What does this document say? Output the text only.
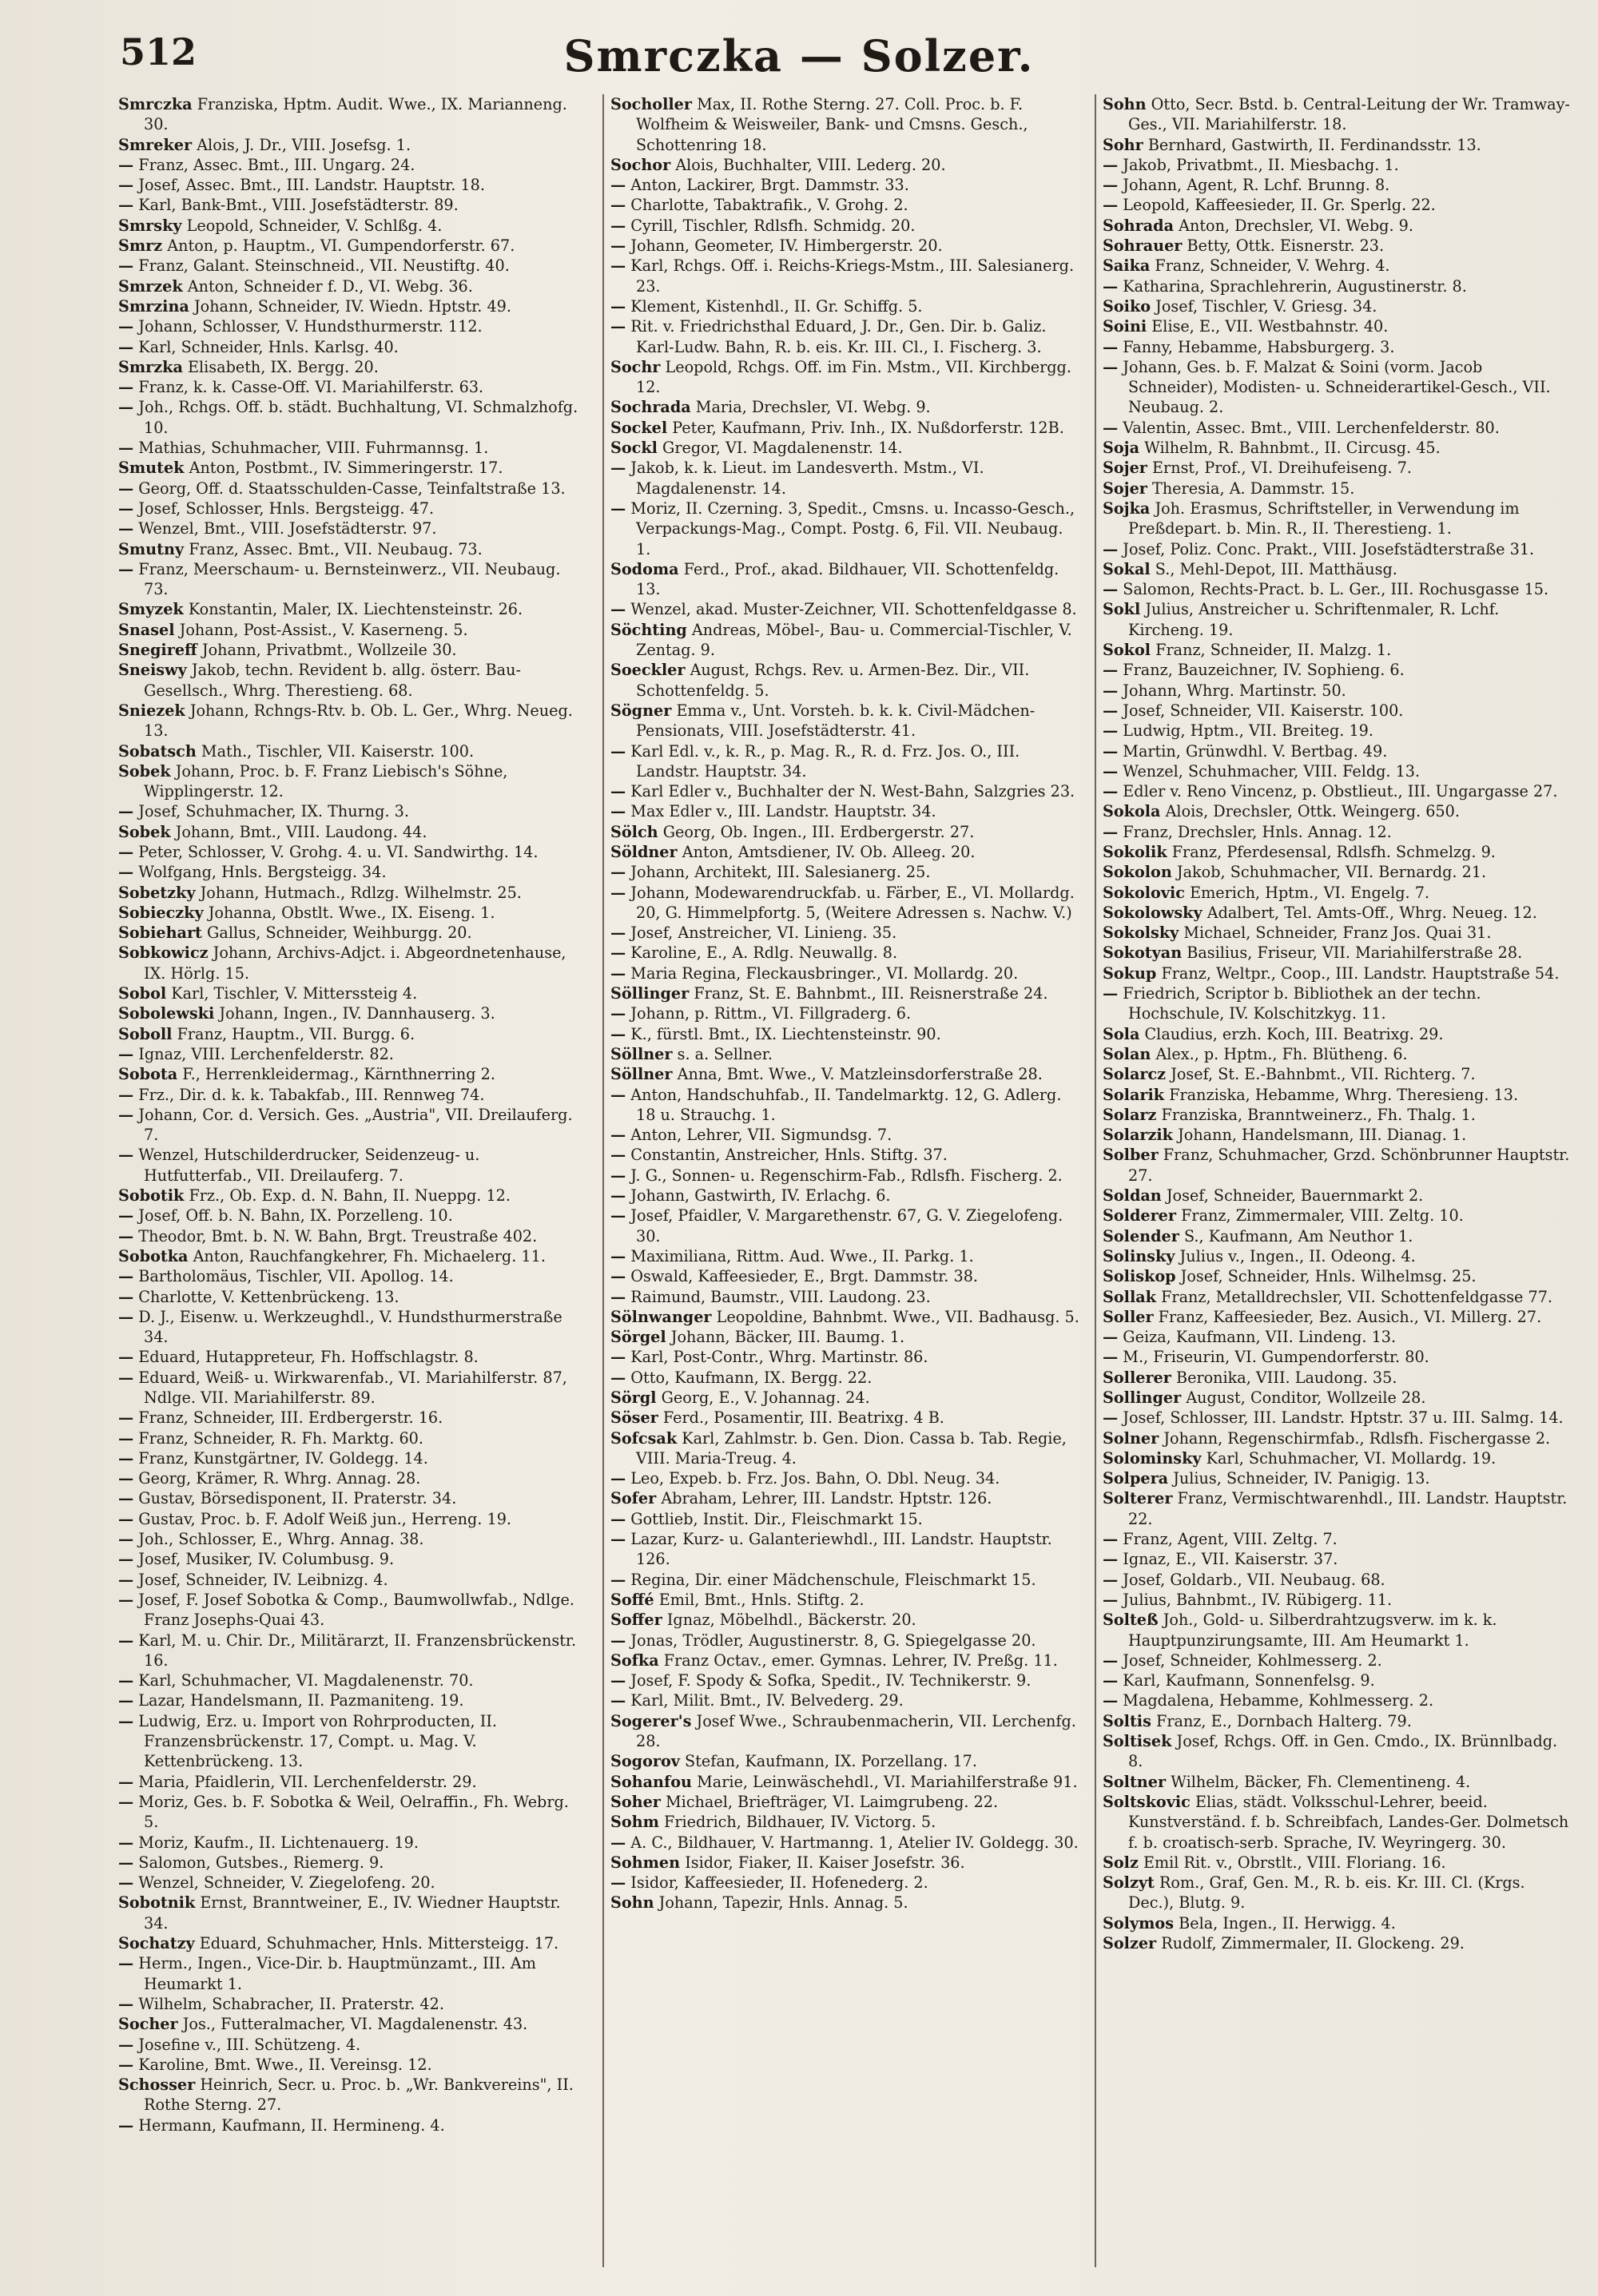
512	Smrczka — Solzer.
Smrczka Franziska, Hptm. Audit. Wwe., IX. Marianneng. 30.
Smreker Alois, J. Dr., VIII. Josefsg. 1.
— Franz, Assec. Bmt., III. Ungarg. 24.
— Josef, Assec. Bmt., III. Landstr. Hauptstr. 18.
— Karl, Bank-Bmt., VIII. Josefstädterstr. 89.
Smrsky Leopold, Schneider, V. Schlßg. 4.
Smrz Anton, p. Hauptm., VI. Gumpendorferstr. 67.
— Franz, Galant. Steinschneid., VII. Neustiftg. 40.
Smrzek Anton, Schneider f. D., VI. Webg. 36.
Smrzina Johann, Schneider, IV. Wiedn. Hptstr. 49.
— Johann, Schlosser, V. Hundsthurmerstr. 112.
— Karl, Schneider, Hnls. Karlsg. 40.
Smrzka Elisabeth, IX. Bergg. 20.
— Franz, k. k. Casse-Off. VI. Mariahilferstr. 63.
— Joh., Rchgs. Off. b. städt. Buchhaltung, VI. Schmalzhofg. 10.
— Mathias, Schuhmacher, VIII. Fuhrmannsg. 1.
Smutek Anton, Postbmt., IV. Simmeringerstr. 17.
— Georg, Off. d. Staatsschulden-Casse, Teinfaltstraße 13.
— Josef, Schlosser, Hnls. Bergsteigg. 47.
— Wenzel, Bmt., VIII. Josefstädterstr. 97.
Smutny Franz, Assec. Bmt., VII. Neubaug. 73.
— Franz, Meerschaum- u. Bernsteinwerz., VII. Neubaug. 73.
Smyzek Konstantin, Maler, IX. Liechtensteinstr. 26.
Snasel Johann, Post-Assist., V. Kaserneng. 5.
Snegireff Johann, Privatbmt., Wollzeile 30.
Sneiswy Jakob, techn. Revident b. allg. österr. Bau-Gesellsch., Whrg. Therestieng. 68.
Sniezek Johann, Rchngs-Rtv. b. Ob. L. Ger., Whrg. Neueg. 13.
Sobatsch Math., Tischler, VII. Kaiserstr. 100.
Sobek Johann, Proc. b. F. Franz Liebisch's Söhne, Wipplingerstr. 12.
— Josef, Schuhmacher, IX. Thurng. 3.
Sobek Johann, Bmt., VIII. Laudong. 44.
— Peter, Schlosser, V. Grohg. 4. u. VI. Sandwirthg. 14.
— Wolfgang, Hnls. Bergsteigg. 34.
Sobetzky Johann, Hutmach., Rdlzg. Wilhelmstr. 25.
Sobieczky Johanna, Obstlt. Wwe., IX. Eiseng. 1.
Sobiehart Gallus, Schneider, Weihburgg. 20.
Sobkowicz Johann, Archivs-Adjct. i. Abgeordnetenhause, IX. Hörlg. 15.
Sobol Karl, Tischler, V. Mitterssteig 4.
Sobolewski Johann, Ingen., IV. Dannhauserg. 3.
Soboll Franz, Hauptm., VII. Burgg. 6.
— Ignaz, VIII. Lerchenfelderstr. 82.
Sobota F., Herrenkleidermag., Kärnthnerring 2.
— Frz., Dir. d. k. k. Tabakfab., III. Rennweg 74.
— Johann, Cor. d. Versich. Ges. „Austria", VII. Dreilauferg. 7.
— Wenzel, Hutschilderdrucker, Seidenzeug- u. Hutfutterfab., VII. Dreilauferg. 7.
Sobotik Frz., Ob. Exp. d. N. Bahn, II. Nueppg. 12.
— Josef, Off. b. N. Bahn, IX. Porzelleng. 10.
— Theodor, Bmt. b. N. W. Bahn, Brgt. Treustraße 402.
Sobotka Anton, Rauchfangkehrer, Fh. Michaelerg. 11.
— Bartholomäus, Tischler, VII. Apollog. 14.
— Charlotte, V. Kettenbrückeng. 13.
— D. J., Eisenw. u. Werkzeughdl., V. Hundsthurmerstraße 34.
— Eduard, Hutappreteur, Fh. Hoffschlagstr. 8.
— Eduard, Weiß- u. Wirkwarenfab., VI. Mariahilferstr. 87, Ndlge. VII. Mariahilferstr. 89.
— Franz, Schneider, III. Erdbergerstr. 16.
— Franz, Schneider, R. Fh. Marktg. 60.
— Franz, Kunstgärtner, IV. Goldegg. 14.
— Georg, Krämer, R. Whrg. Annag. 28.
— Gustav, Börsedisponent, II. Praterstr. 34.
— Gustav, Proc. b. F. Adolf Weiß jun., Herreng. 19.
— Joh., Schlosser, E., Whrg. Annag. 38.
— Josef, Musiker, IV. Columbusg. 9.
— Josef, Schneider, IV. Leibnizg. 4.
— Josef, F. Josef Sobotka & Comp., Baumwollwfab., Ndlge. Franz Josephs-Quai 43.
— Karl, M. u. Chir. Dr., Militärarzt, II. Franzensbrückenstr. 16.
— Karl, Schuhmacher, VI. Magdalenenstr. 70.
— Lazar, Handelsmann, II. Pazmaniteng. 19.
— Ludwig, Erz. u. Import von Rohrproducten, II. Franzensbrückenstr. 17, Compt. u. Mag. V. Kettenbrückeng. 13.
— Maria, Pfaidlerin, VII. Lerchenfelderstr. 29.
— Moriz, Ges. b. F. Sobotka & Weil, Oelraffin., Fh. Webrg. 5.
— Moriz, Kaufm., II. Lichtenauerg. 19.
— Salomon, Gutsbes., Riemerg. 9.
— Wenzel, Schneider, V. Ziegelofeng. 20.
Sobotnik Ernst, Branntweiner, E., IV. Wiedner Hauptstr. 34.
Sochatzy Eduard, Schuhmacher, Hnls. Mittersteigg. 17.
— Herm., Ingen., Vice-Dir. b. Hauptmünzamt., III. Am Heumarkt 1.
— Wilhelm, Schabracher, II. Praterstr. 42.
Socher Jos., Futteralmacher, VI. Magdalenenstr. 43.
— Josefine v., III. Schützeng. 4.
— Karoline, Bmt. Wwe., II. Vereinsg. 12.
Schosser Heinrich, Secr. u. Proc. b. „Wr. Bankvereins", II. Rothe Sterng. 27.
— Hermann, Kaufmann, II. Hermineng. 4.
Socholler Max, II. Rothe Sterng. 27. Coll. Proc. b. F. Wolfheim & Weisweiler, Bank- und Cmsns. Gesch., Schottenring 18.
Sochor Alois, Buchhalter, VIII. Lederg. 20.
— Anton, Lackirer, Brgt. Dammstr. 33.
— Charlotte, Tabaktrafik., V. Grohg. 2.
— Cyrill, Tischler, Rdlsfh. Schmidg. 20.
— Johann, Geometer, IV. Himbergerstr. 20.
— Karl, Rchgs. Off. i. Reichs-Kriegs-Mstm., III. Salesianerg. 23.
— Klement, Kistenhdl., II. Gr. Schiffg. 5.
— Rit. v. Friedrichsthal Eduard, J. Dr., Gen. Dir. b. Galiz. Karl-Ludw. Bahn, R. b. eis. Kr. III. Cl., I. Fischerg. 3.
Sochr Leopold, Rchgs. Off. im Fin. Mstm., VII. Kirchbergg. 12.
Sochrada Maria, Drechsler, VI. Webg. 9.
Sockel Peter, Kaufmann, Priv. Inh., IX. Nußdorferstr. 12B.
Sockl Gregor, VI. Magdalenenstr. 14.
— Jakob, k. k. Lieut. im Landesverth. Mstm., VI. Magdalenenstr. 14.
— Moriz, II. Czerning. 3, Spedit., Cmsns. u. Incasso-Gesch., Verpackungs-Mag., Compt. Postg. 6, Fil. VII. Neubaug. 1.
Sodoma Ferd., Prof., akad. Bildhauer, VII. Schottenfeldg. 13.
— Wenzel, akad. Muster-Zeichner, VII. Schottenfeldgasse 8.
Söchting Andreas, Möbel-, Bau- u. Commercial-Tischler, V. Zentag. 9.
Soeckler August, Rchgs. Rev. u. Armen-Bez. Dir., VII. Schottenfeldg. 5.
Sögner Emma v., Unt. Vorsteh. b. k. k. Civil-Mädchen-Pensionats, VIII. Josefstädterstr. 41.
— Karl Edl. v., k. R., p. Mag. R., R. d. Frz. Jos. O., III. Landstr. Hauptstr. 34.
— Karl Edler v., Buchhalter der N. West-Bahn, Salzgries 23.
— Max Edler v., III. Landstr. Hauptstr. 34.
Sölch Georg, Ob. Ingen., III. Erdbergerstr. 27.
Söldner Anton, Amtsdiener, IV. Ob. Alleeg. 20.
— Johann, Architekt, III. Salesianerg. 25.
— Johann, Modewarendruckfab. u. Färber, E., VI. Mollardg. 20, G. Himmelpfortg. 5, (Weitere Adressen s. Nachw. V.)
— Josef, Anstreicher, VI. Linieng. 35.
— Karoline, E., A. Rdlg. Neuwallg. 8.
— Maria Regina, Fleckausbringer., VI. Mollardg. 20.
Söllinger Franz, St. E. Bahnbmt., III. Reisnerstraße 24.
— Johann, p. Rittm., VI. Fillgraderg. 6.
— K., fürstl. Bmt., IX. Liechtensteinstr. 90.
Söllner s. a. Sellner.
Söllner Anna, Bmt. Wwe., V. Matzleinsdorferstraße 28.
— Anton, Handschuhfab., II. Tandelmarktg. 12, G. Adlerg. 18 u. Strauchg. 1.
— Anton, Lehrer, VII. Sigmundsg. 7.
— Constantin, Anstreicher, Hnls. Stiftg. 37.
— J. G., Sonnen- u. Regenschirm-Fab., Rdlsfh. Fischerg. 2.
— Johann, Gastwirth, IV. Erlachg. 6.
— Josef, Pfaidler, V. Margarethenstr. 67, G. V. Ziegelofeng. 30.
— Maximiliana, Rittm. Aud. Wwe., II. Parkg. 1.
— Oswald, Kaffeesieder, E., Brgt. Dammstr. 38.
— Raimund, Baumstr., VIII. Laudong. 23.
Sölnwanger Leopoldine, Bahnbmt. Wwe., VII. Badhausg. 5.
Sörgel Johann, Bäcker, III. Baumg. 1.
— Karl, Post-Contr., Whrg. Martinstr. 86.
— Otto, Kaufmann, IX. Bergg. 22.
Sörgl Georg, E., V. Johannag. 24.
Söser Ferd., Posamentir, III. Beatrixg. 4 B.
Sofcsak Karl, Zahlmstr. b. Gen. Dion. Cassa b. Tab. Regie, VIII. Maria-Treug. 4.
— Leo, Expeb. b. Frz. Jos. Bahn, O. Dbl. Neug. 34.
Sofer Abraham, Lehrer, III. Landstr. Hptstr. 126.
— Gottlieb, Instit. Dir., Fleischmarkt 15.
— Lazar, Kurz- u. Galanteriewhdl., III. Landstr. Hauptstr. 126.
— Regina, Dir. einer Mädchenschule, Fleischmarkt 15.
Soffé Emil, Bmt., Hnls. Stiftg. 2.
Soffer Ignaz, Möbelhdl., Bäckerstr. 20.
— Jonas, Trödler, Augustinerstr. 8, G. Spiegelgasse 20.
Sofka Franz Octav., emer. Gymnas. Lehrer, IV. Preßg. 11.
— Josef, F. Spody & Sofka, Spedit., IV. Technikerstr. 9.
— Karl, Milit. Bmt., IV. Belvederg. 29.
Sogerer's Josef Wwe., Schraubenmacherin, VII. Lerchenfg. 28.
Sogorov Stefan, Kaufmann, IX. Porzellang. 17.
Sohanfou Marie, Leinwäschehdl., VI. Mariahilferstraße 91.
Soher Michael, Briefträger, VI. Laimgrubeng. 22.
Sohm Friedrich, Bildhauer, IV. Victorg. 5.
— A. C., Bildhauer, V. Hartmanng. 1, Atelier IV. Goldegg. 30.
Sohmen Isidor, Fiaker, II. Kaiser Josefstr. 36.
— Isidor, Kaffeesieder, II. Hofenederg. 2.
Sohn Johann, Tapezir, Hnls. Annag. 5.
Sohn Otto, Secr. Bstd. b. Central-Leitung der Wr. Tramway-Ges., VII. Mariahilferstr. 18.
Sohr Bernhard, Gastwirth, II. Ferdinandsstr. 13.
— Jakob, Privatbmt., II. Miesbachg. 1.
— Johann, Agent, R. Lchf. Brunng. 8.
— Leopold, Kaffeesieder, II. Gr. Sperlg. 22.
Sohrada Anton, Drechsler, VI. Webg. 9.
Sohrauer Betty, Ottk. Eisnerstr. 23.
Saika Franz, Schneider, V. Wehrg. 4.
— Katharina, Sprachlehrerin, Augustinerstr. 8.
Soiko Josef, Tischler, V. Griesg. 34.
Soini Elise, E., VII. Westbahnstr. 40.
— Fanny, Hebamme, Habsburgerg. 3.
— Johann, Ges. b. F. Malzat & Soini (vorm. Jacob Schneider), Modisten- u. Schneiderartikel-Gesch., VII. Neubaug. 2.
— Valentin, Assec. Bmt., VIII. Lerchenfelderstr. 80.
Soja Wilhelm, R. Bahnbmt., II. Circusg. 45.
Sojer Ernst, Prof., VI. Dreihufeiseng. 7.
Sojer Theresia, A. Dammstr. 15.
Sojka Joh. Erasmus, Schriftsteller, in Verwendung im Preßdepart. b. Min. R., II. Therestieng. 1.
— Josef, Poliz. Conc. Prakt., VIII. Josefstädterstraße 31.
Sokal S., Mehl-Depot, III. Matthäusg.
— Salomon, Rechts-Pract. b. L. Ger., III. Rochusgasse 15.
Sokl Julius, Anstreicher u. Schriftenmaler, R. Lchf. Kircheng. 19.
Sokol Franz, Schneider, II. Malzg. 1.
— Franz, Bauzeichner, IV. Sophieng. 6.
— Johann, Whrg. Martinstr. 50.
— Josef, Schneider, VII. Kaiserstr. 100.
— Ludwig, Hptm., VII. Breiteg. 19.
— Martin, Grünwdhl. V. Bertbag. 49.
— Wenzel, Schuhmacher, VIII. Feldg. 13.
— Edler v. Reno Vincenz, p. Obstlieut., III. Ungargasse 27.
Sokola Alois, Drechsler, Ottk. Weingerg. 650.
— Franz, Drechsler, Hnls. Annag. 12.
Sokolik Franz, Pferdesensal, Rdlsfh. Schmelzg. 9.
Sokolon Jakob, Schuhmacher, VII. Bernardg. 21.
Sokolovic Emerich, Hptm., VI. Engelg. 7.
Sokolowsky Adalbert, Tel. Amts-Off., Whrg. Neueg. 12.
Sokolsky Michael, Schneider, Franz Jos. Quai 31.
Sokotyan Basilius, Friseur, VII. Mariahilferstraße 28.
Sokup Franz, Weltpr., Coop., III. Landstr. Hauptstraße 54.
— Friedrich, Scriptor b. Bibliothek an der techn. Hochschule, IV. Kolschitzkyg. 11.
Sola Claudius, erzh. Koch, III. Beatrixg. 29.
Solan Alex., p. Hptm., Fh. Blütheng. 6.
Solarcz Josef, St. E.-Bahnbmt., VII. Richterg. 7.
Solarik Franziska, Hebamme, Whrg. Theresieng. 13.
Solarz Franziska, Branntweinerz., Fh. Thalg. 1.
Solarzik Johann, Handelsmann, III. Dianag. 1.
Solber Franz, Schuhmacher, Grzd. Schönbrunner Hauptstr. 27.
Soldan Josef, Schneider, Bauernmarkt 2.
Solderer Franz, Zimmermaler, VIII. Zeltg. 10.
Solender S., Kaufmann, Am Neuthor 1.
Solinsky Julius v., Ingen., II. Odeong. 4.
Soliskop Josef, Schneider, Hnls. Wilhelmsg. 25.
Sollak Franz, Metalldrechsler, VII. Schottenfeldgasse 77.
Soller Franz, Kaffeesieder, Bez. Ausich., VI. Millerg. 27.
— Geiza, Kaufmann, VII. Lindeng. 13.
— M., Friseurin, VI. Gumpendorferstr. 80.
Sollerer Beronika, VIII. Laudong. 35.
Sollinger August, Conditor, Wollzeile 28.
— Josef, Schlosser, III. Landstr. Hptstr. 37 u. III. Salmg. 14.
Solner Johann, Regenschirmfab., Rdlsfh. Fischergasse 2.
Solominsky Karl, Schuhmacher, VI. Mollardg. 19.
Solpera Julius, Schneider, IV. Panigig. 13.
Solterer Franz, Vermischtwarenhdl., III. Landstr. Hauptstr. 22.
— Franz, Agent, VIII. Zeltg. 7.
— Ignaz, E., VII. Kaiserstr. 37.
— Josef, Goldarb., VII. Neubaug. 68.
— Julius, Bahnbmt., IV. Rübigerg. 11.
Solteß Joh., Gold- u. Silberdrahtzugsverw. im k. k. Hauptpunzirungsamte, III. Am Heumarkt 1.
— Josef, Schneider, Kohlmesserg. 2.
— Karl, Kaufmann, Sonnenfelsg. 9.
— Magdalena, Hebamme, Kohlmesserg. 2.
Soltis Franz, E., Dornbach Halterg. 79.
Soltisek Josef, Rchgs. Off. in Gen. Cmdo., IX. Brünnlbadg. 8.
Soltner Wilhelm, Bäcker, Fh. Clementineng. 4.
Soltskovic Elias, städt. Volksschul-Lehrer, beeid. Kunstverständ. f. b. Schreibfach, Landes-Ger. Dolmetsch f. b. croatisch-serb. Sprache, IV. Weyringerg. 30.
Solz Emil Rit. v., Obrstlt., VIII. Floriang. 16.
Solzyt Rom., Graf, Gen. M., R. b. eis. Kr. III. Cl. (Krgs. Dec.), Blutg. 9.
Solymos Bela, Ingen., II. Herwigg. 4.
Solzer Rudolf, Zimmermaler, II. Glockeng. 29.
